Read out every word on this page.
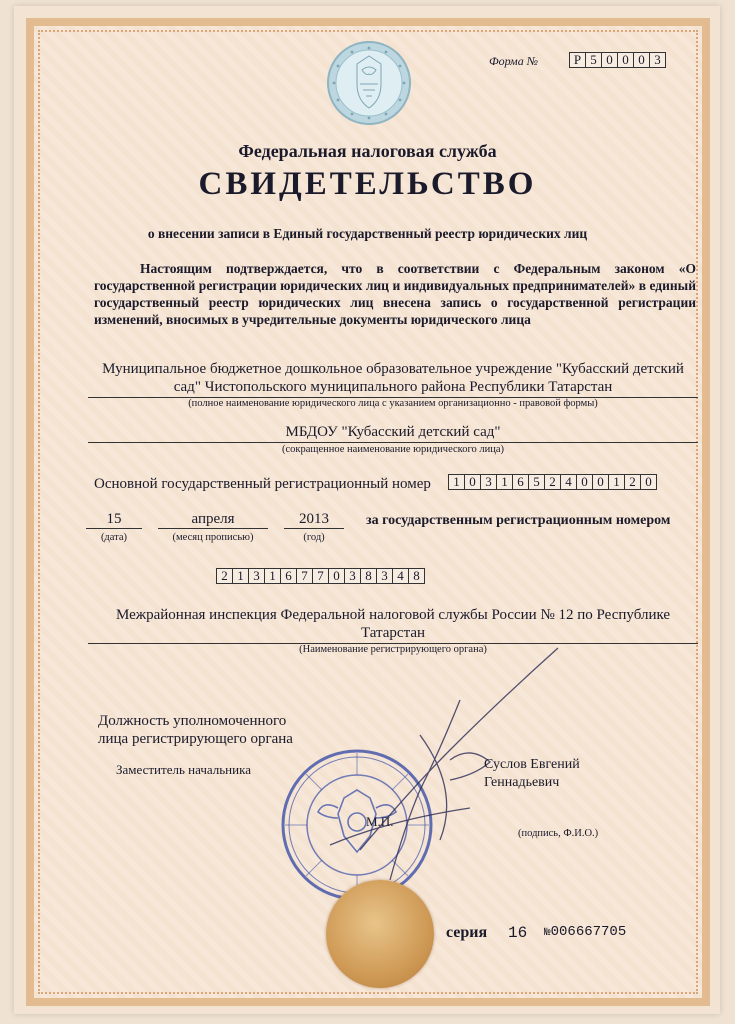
Форма №	Р 5 0 0 0 3
Федеральная налоговая служба
СВИДЕТЕЛЬСТВО
о внесении записи в Единый государственный реестр юридических лиц
Настоящим подтверждается, что в соответствии с Федеральным законом «О государственной регистрации юридических лиц и индивидуальных предпринимателей» в единый государственный реестр юридических лиц внесена запись о государственной регистрации изменений, вносимых в учредительные документы юридического лица
Муниципальное бюджетное дошкольное образовательное учреждение "Кубасский детский сад" Чистопольского муниципального района Республики Татарстан
(полное наименование юридического лица с указанием организационно - правовой формы)
МБДОУ "Кубасский детский сад"
(сокращенное наименование юридического лица)
Основной государственный регистрационный номер	1 0 3 1 6 5 2 4 0 0 1 2 0
15	апреля	2013
(дата)	(месяц прописью)	(год)
за государственным регистрационным номером
2 1 3 1 6 7 7 0 3 8 3 4 8
Межрайонная инспекция Федеральной налоговой службы России № 12 по Республике Татарстан
(Наименование регистрирующего органа)
Должность уполномоченного лица регистрирующего органа
Заместитель начальника
М.П.
Суслов Евгений Геннадьевич
(подпись, Ф.И.О.)
серия 16 №006667705
